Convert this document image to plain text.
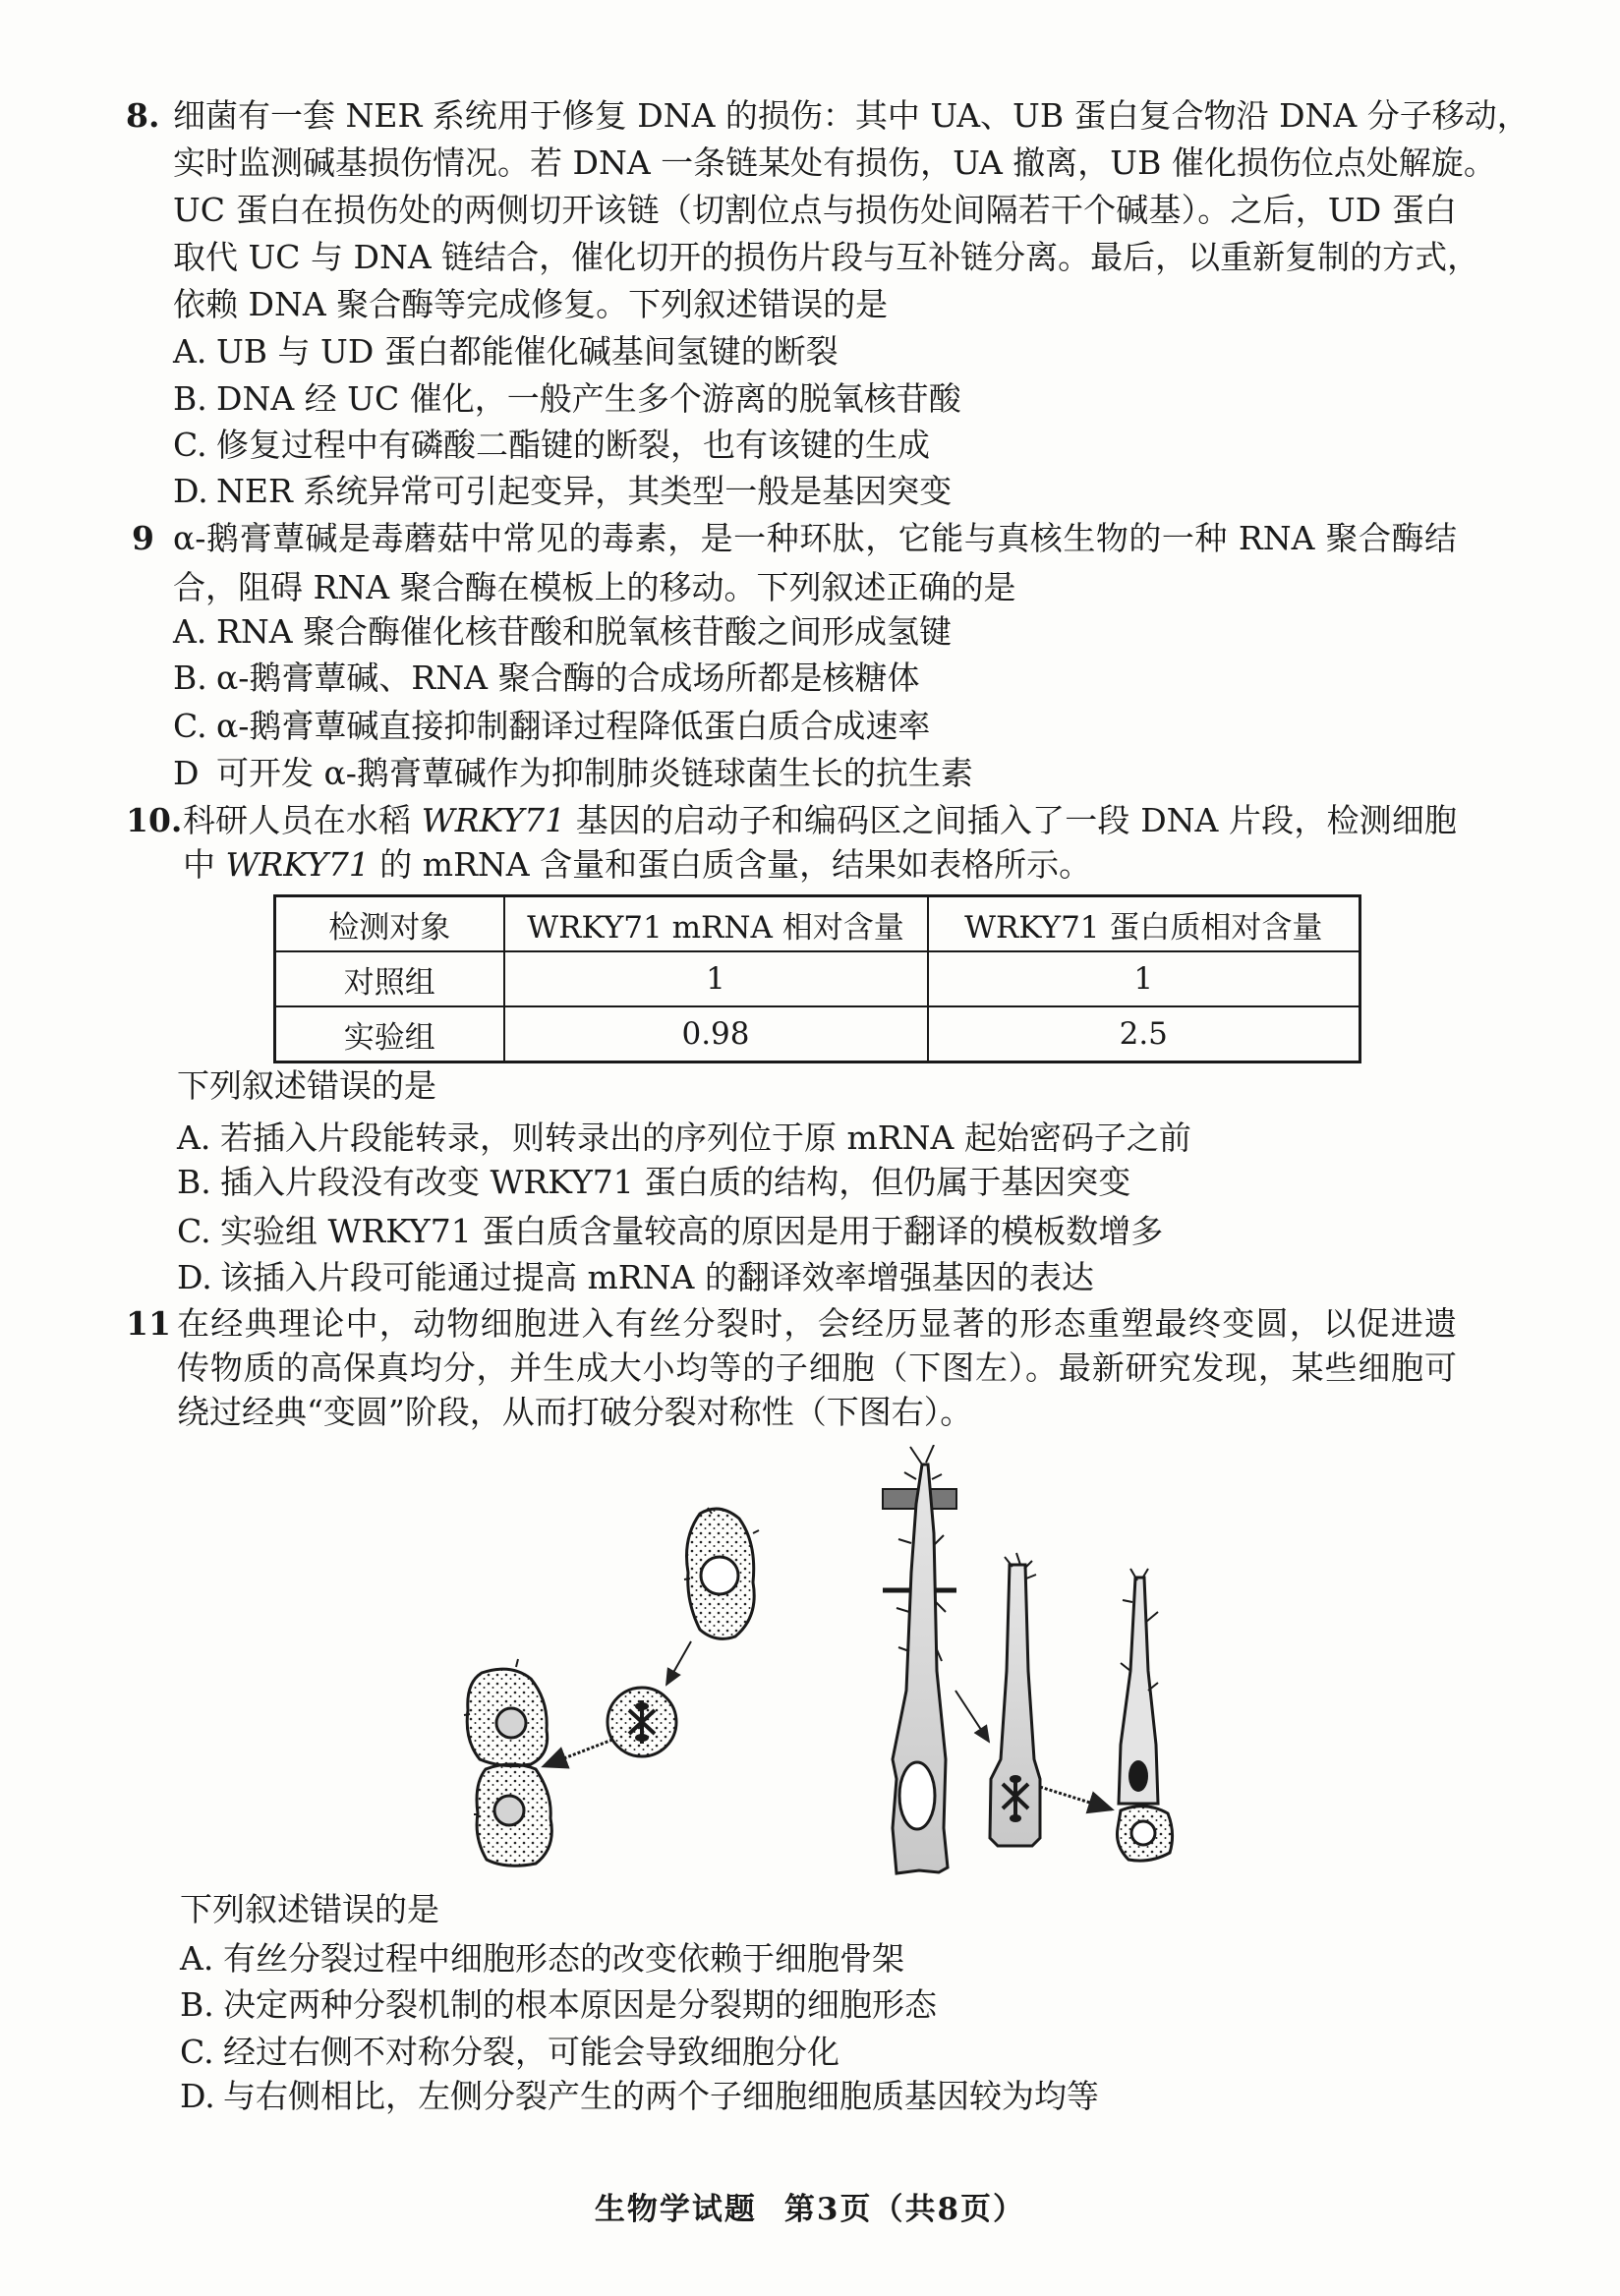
8. 细菌有一套 NER 系统用于修复 DNA 的损伤：其中 UA、UB 蛋白复合物沿 DNA 分子移动，
实时监测碱基损伤情况。若 DNA 一条链某处有损伤，UA 撤离，UB 催化损伤位点处解旋。
UC 蛋白在损伤处的两侧切开该链（切割位点与损伤处间隔若干个碱基）。之后，UD 蛋白
取代 UC 与 DNA 链结合，催化切开的损伤片段与互补链分离。最后，以重新复制的方式，
依赖 DNA 聚合酶等完成修复。下列叙述错误的是
A. UB 与 UD 蛋白都能催化碱基间氢键的断裂
B. DNA 经 UC 催化，一般产生多个游离的脱氧核苷酸
C. 修复过程中有磷酸二酯键的断裂，也有该键的生成
D. NER 系统异常可引起变异，其类型一般是基因突变
9 α-鹅膏蕈碱是毒蘑菇中常见的毒素，是一种环肽，它能与真核生物的一种 RNA 聚合酶结
合，阻碍 RNA 聚合酶在模板上的移动。下列叙述正确的是
A. RNA 聚合酶催化核苷酸和脱氧核苷酸之间形成氢键
B. α-鹅膏蕈碱、RNA 聚合酶的合成场所都是核糖体
C. α-鹅膏蕈碱直接抑制翻译过程降低蛋白质合成速率
D 可开发 α-鹅膏蕈碱作为抑制肺炎链球菌生长的抗生素
10. 科研人员在水稻 WRKY71 基因的启动子和编码区之间插入了一段 DNA 片段，检测细胞
中 WRKY71 的 mRNA 含量和蛋白质含量，结果如表格所示。
检测对象	WRKY71 mRNA 相对含量	WRKY71 蛋白质相对含量
对照组	1	1
实验组	0.98	2.5
下列叙述错误的是
A. 若插入片段能转录，则转录出的序列位于原 mRNA 起始密码子之前
B. 插入片段没有改变 WRKY71 蛋白质的结构，但仍属于基因突变
C. 实验组 WRKY71 蛋白质含量较高的原因是用于翻译的模板数增多
D. 该插入片段可能通过提高 mRNA 的翻译效率增强基因的表达
11 在经典理论中，动物细胞进入有丝分裂时，会经历显著的形态重塑最终变圆，以促进遗
传物质的高保真均分，并生成大小均等的子细胞（下图左）。最新研究发现，某些细胞可
绕过经典“变圆”阶段，从而打破分裂对称性（下图右）。
下列叙述错误的是
A. 有丝分裂过程中细胞形态的改变依赖于细胞骨架
B. 决定两种分裂机制的根本原因是分裂期的细胞形态
C. 经过右侧不对称分裂，可能会导致细胞分化
D. 与右侧相比，左侧分裂产生的两个子细胞细胞质基因较为均等
生物学试题 第3页（共8页）
